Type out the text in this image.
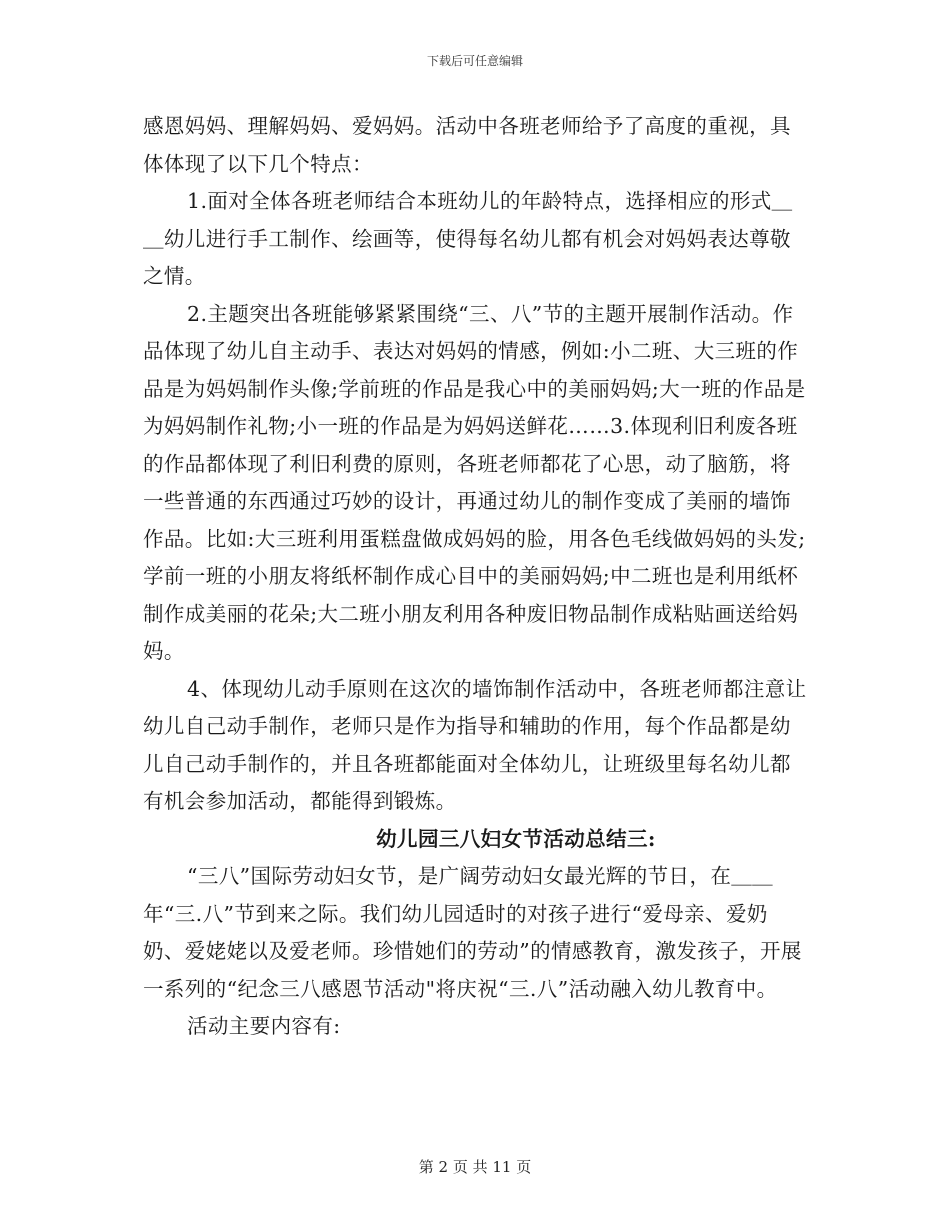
下载后可任意编辑

感恩妈妈、理解妈妈、爱妈妈。活动中各班老师给予了高度的重视，具体体现了以下几个特点：

1.面对全体各班老师结合本班幼儿的年龄特点，选择相应的形式＿＿幼儿进行手工制作、绘画等，使得每名幼儿都有机会对妈妈表达尊敬之情。

2.主题突出各班能够紧紧围绕“三、八”节的主题开展制作活动。作品体现了幼儿自主动手、表达对妈妈的情感，例如:小二班、大三班的作品是为妈妈制作头像;学前班的作品是我心中的美丽妈妈;大一班的作品是为妈妈制作礼物;小一班的作品是为妈妈送鲜花……3.体现利旧利废各班的作品都体现了利旧利费的原则，各班老师都花了心思，动了脑筋，将一些普通的东西通过巧妙的设计，再通过幼儿的制作变成了美丽的墙饰作品。比如:大三班利用蛋糕盘做成妈妈的脸，用各色毛线做妈妈的头发;学前一班的小朋友将纸杯制作成心目中的美丽妈妈;中二班也是利用纸杯制作成美丽的花朵;大二班小朋友利用各种废旧物品制作成粘贴画送给妈妈。

4、体现幼儿动手原则在这次的墙饰制作活动中，各班老师都注意让幼儿自己动手制作，老师只是作为指导和辅助的作用，每个作品都是幼儿自己动手制作的，并且各班都能面对全体幼儿，让班级里每名幼儿都有机会参加活动，都能得到锻炼。

幼儿园三八妇女节活动总结三:

“三八”国际劳动妇女节，是广阔劳动妇女最光辉的节日，在＿＿年“三.八”节到来之际。我们幼儿园适时的对孩子进行“爱母亲、爱奶奶、爱姥姥以及爱老师。珍惜她们的劳动”的情感教育，激发孩子，开展一系列的“纪念三八感恩节活动"将庆祝“三.八”活动融入幼儿教育中。

活动主要内容有:

第 2 页 共 11 页
